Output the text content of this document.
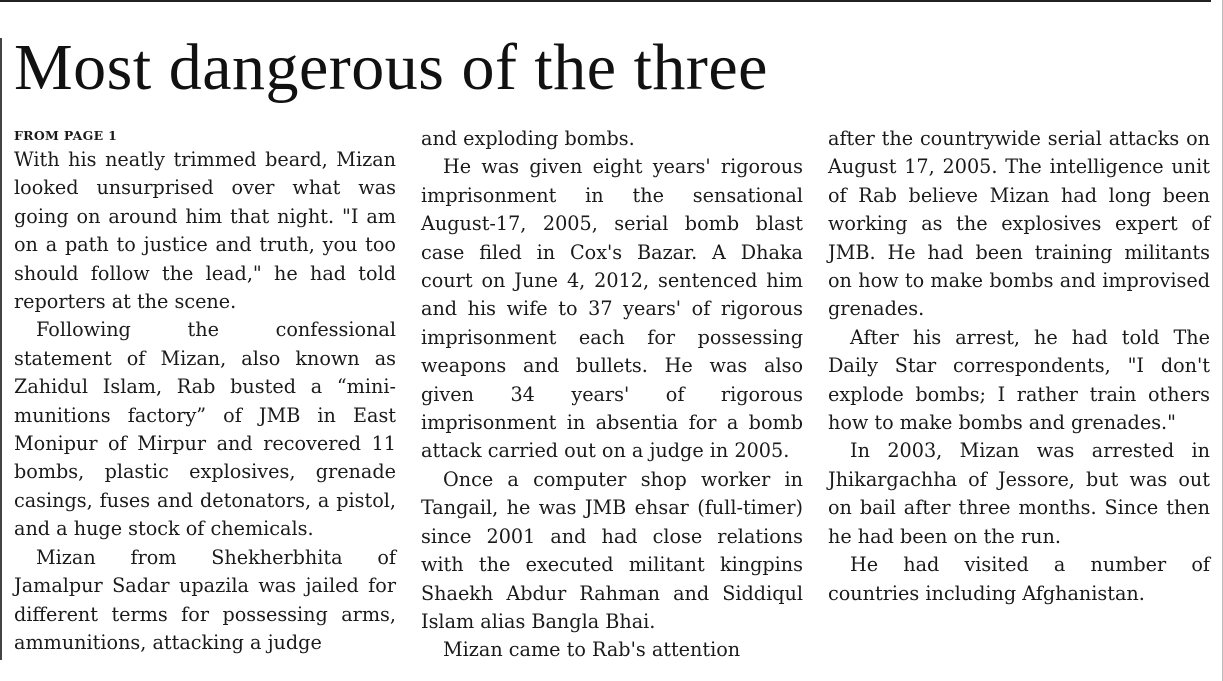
Most dangerous of the three

FROM PAGE 1

With his neatly trimmed beard, Mizan looked unsurprised over what was going on around him that night. "I am on a path to justice and truth, you too should follow the lead," he had told reporters at the scene.

Following the confessional statement of Mizan, also known as Zahidul Islam, Rab busted a “mini-munitions factory” of JMB in East Monipur of Mirpur and recovered 11 bombs, plastic explosives, grenade casings, fuses and detonators, a pistol, and a huge stock of chemicals.

Mizan from Shekherbhita of Jamalpur Sadar upazila was jailed for different terms for possessing arms, ammunitions, attacking a judge

and exploding bombs.

He was given eight years' rigorous imprisonment in the sensational August-17, 2005, serial bomb blast case filed in Cox's Bazar. A Dhaka court on June 4, 2012, sentenced him and his wife to 37 years' of rigorous imprisonment each for possessing weapons and bullets. He was also given 34 years' of rigorous imprisonment in absentia for a bomb attack carried out on a judge in 2005.

Once a computer shop worker in Tangail, he was JMB ehsar (full-timer) since 2001 and had close relations with the executed militant kingpins Shaekh Abdur Rahman and Siddiqul Islam alias Bangla Bhai.

Mizan came to Rab's attention

after the countrywide serial attacks on August 17, 2005. The intelligence unit of Rab believe Mizan had long been working as the explosives expert of JMB. He had been training militants on how to make bombs and improvised grenades.

After his arrest, he had told The Daily Star correspondents, "I don't explode bombs; I rather train others how to make bombs and grenades."

In 2003, Mizan was arrested in Jhikargachha of Jessore, but was out on bail after three months. Since then he had been on the run.

He had visited a number of countries including Afghanistan.
